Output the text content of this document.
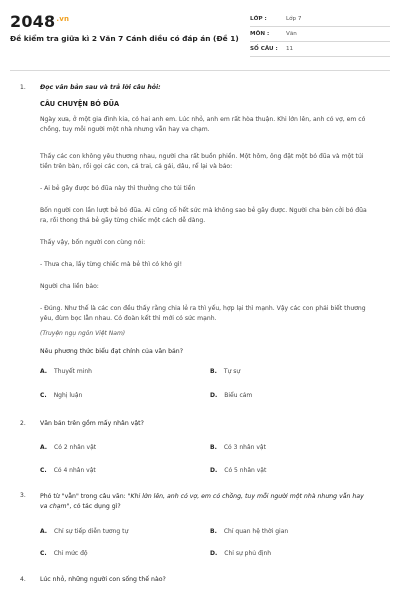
$2048^{.vn}$
Đề kiểm tra giữa kì 2 Văn 7 Cánh diều có đáp án (Đề 1)
LỚP :	Lớp 7
MÔN :	Văn
SỐ CÂU :	11
1. Đọc văn bản sau và trả lời câu hỏi:
CÂU CHUYỆN BÓ ĐŨA
Ngày xưa, ở một gia đình kia, có hai anh em. Lúc nhỏ, anh em rất hòa thuận. Khi lớn lên, anh có vợ, em có chồng, tuy mỗi người một nhà nhưng vẫn hay va chạm.
Thấy các con không yêu thương nhau, người cha rất buồn phiền. Một hôm, ông đặt một bó đũa và một túi tiền trên bàn, rồi gọi các con, cả trai, cả gái, dâu, rể lại và bảo:
- Ai bẻ gãy được bó đũa này thì thưởng cho túi tiền
Bốn người con lần lượt bẻ bó đũa. Ai cũng cố hết sức mà không sao bẻ gãy được. Người cha bèn cởi bó đũa ra, rồi thong thả bẻ gãy từng chiếc một cách dễ dàng.
Thấy vậy, bốn người con cùng nói:
- Thưa cha, lấy từng chiếc mà bẻ thì có khó gì!
Người cha liền bảo:
- Đúng. Như thế là các con đều thấy rằng chia lẻ ra thì yếu, hợp lại thì mạnh. Vậy các con phải biết thương yêu, đùm bọc lẫn nhau. Có đoàn kết thì mới có sức mạnh.
(Truyện ngụ ngôn Việt Nam)
Nêu phương thức biểu đạt chính của văn bản?
A. Thuyết minh	B. Tự sự
C. Nghị luận	D. Biểu cảm
2. Văn bản trên gồm mấy nhân vật?
A. Có 2 nhân vật	B. Có 3 nhân vật
C. Có 4 nhân vật	D. Có 5 nhân vật
3. Phó từ "vẫn" trong câu văn: "Khi lớn lên, anh có vợ, em có chồng, tuy mỗi người một nhà nhưng vẫn hay va chạm", có tác dụng gì?
A. Chỉ sự tiếp diễn tương tự	B. Chỉ quan hệ thời gian
C. Chỉ mức độ	D. Chỉ sự phủ định
4. Lúc nhỏ, những người con sống thế nào?
